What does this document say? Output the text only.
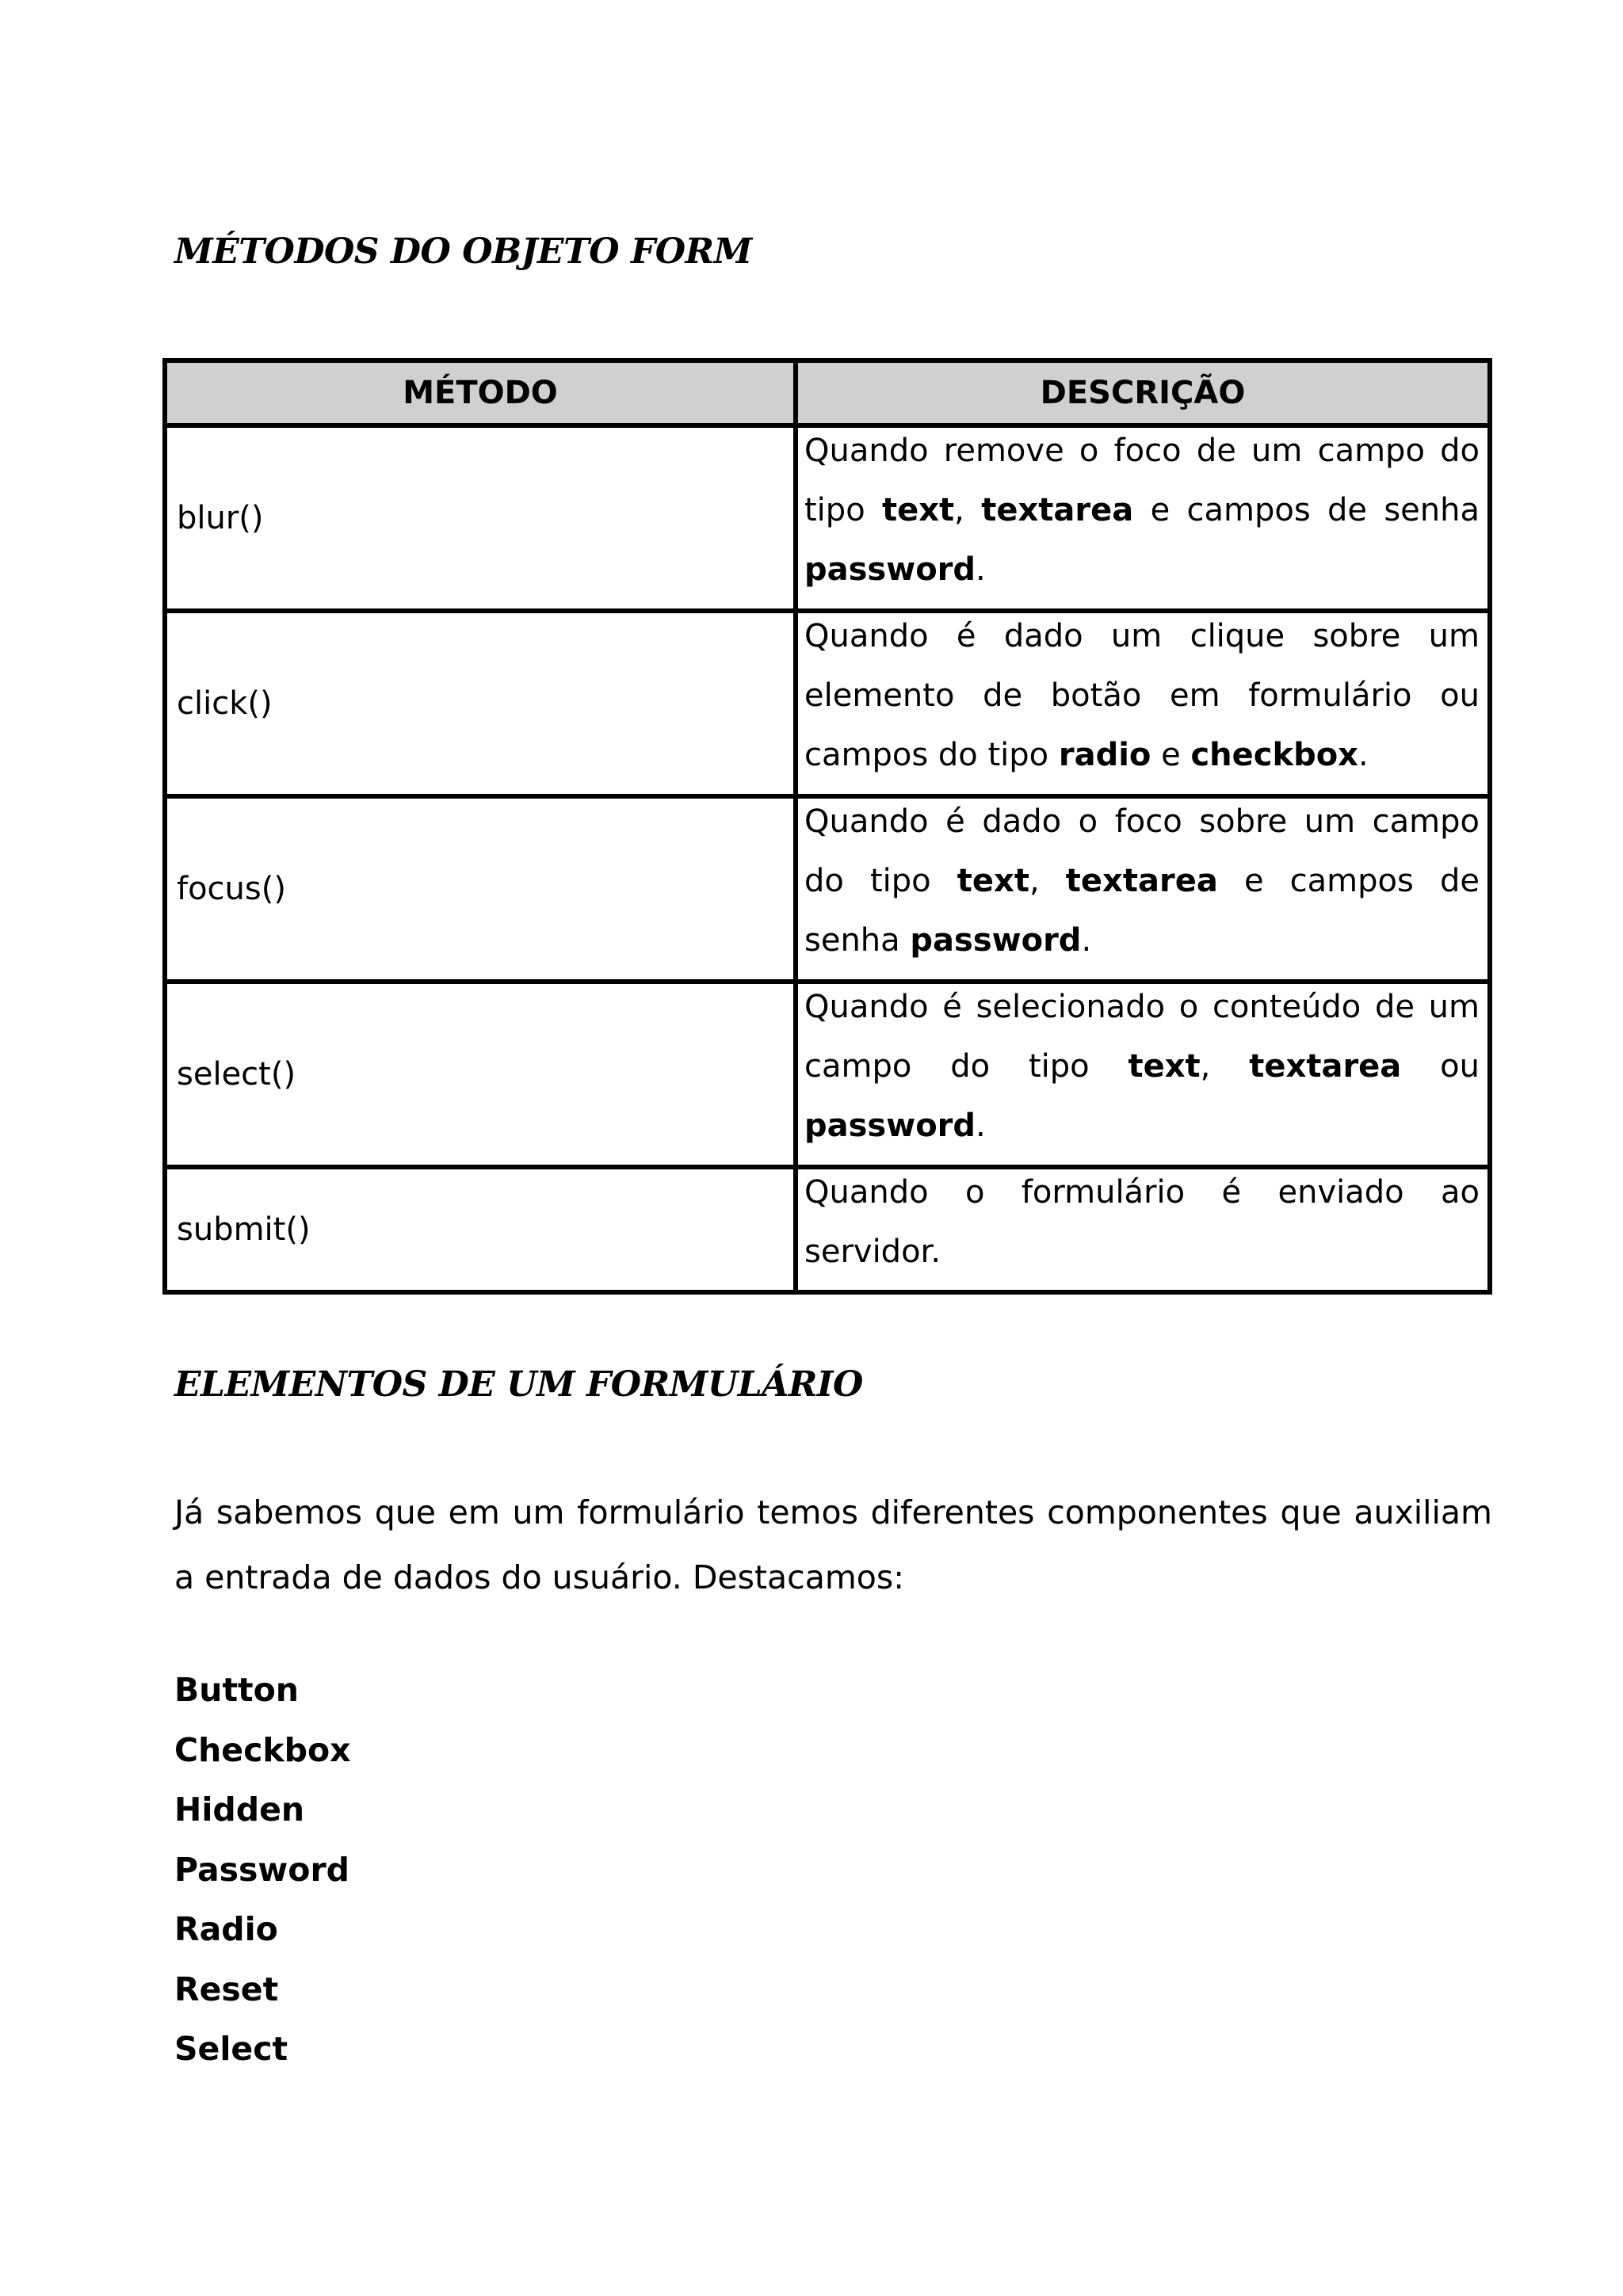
MÉTODOS DO OBJETO FORM
MÉTODO	DESCRIÇÃO
blur()	Quando remove o foco de um campo do tipo text, textarea e campos de senha password.

click()	Quando é dado um clique sobre um elemento de botão em formulário ou campos do tipo radio e checkbox.

focus()	Quando é dado o foco sobre um campo do tipo text, textarea e campos de senha password.

select()	Quando é selecionado o conteúdo de um campo do tipo text, textarea ou password.

submit()	Quando o formulário é enviado ao servidor.

ELEMENTOS DE UM FORMULÁRIO

Já sabemos que em um formulário temos diferentes componentes que auxiliam a entrada de dados do usuário. Destacamos:

Button
Checkbox
Hidden
Password
Radio
Reset
Select
